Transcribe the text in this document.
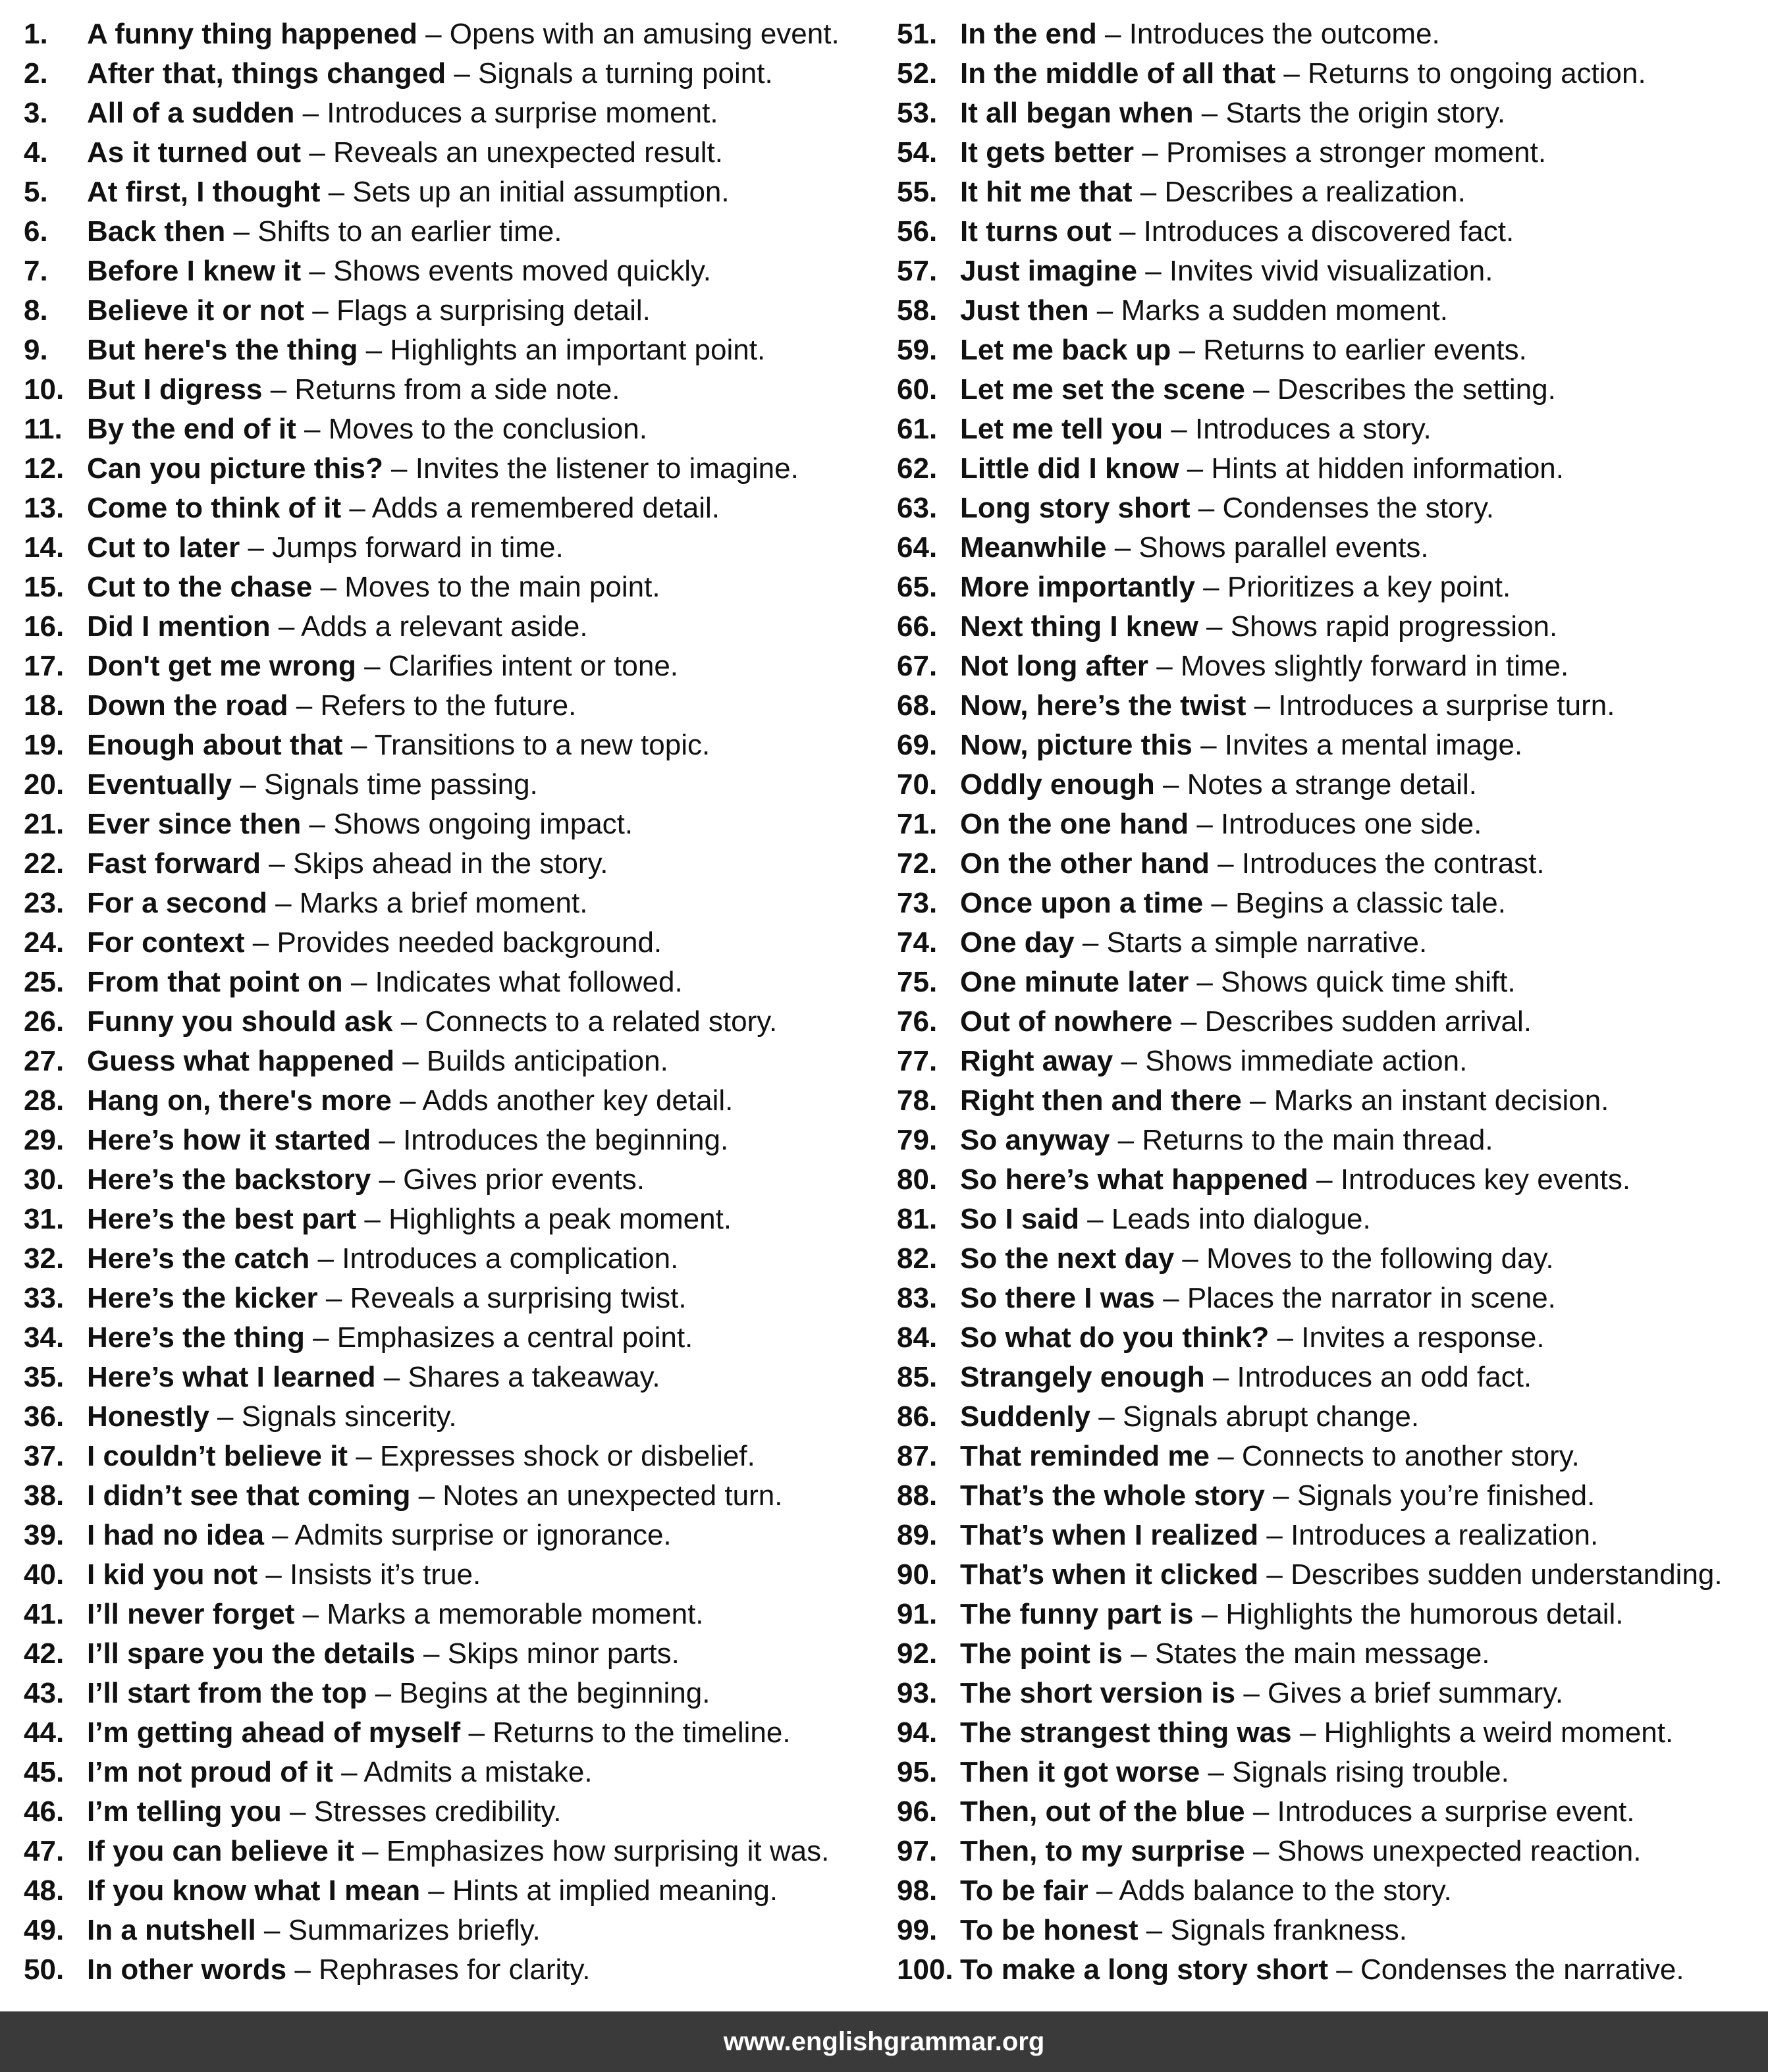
1.	A funny thing happened – Opens with an amusing event.
2.	After that, things changed – Signals a turning point.
3.	All of a sudden – Introduces a surprise moment.
4.	As it turned out – Reveals an unexpected result.
5.	At first, I thought – Sets up an initial assumption.
6.	Back then – Shifts to an earlier time.
7.	Before I knew it – Shows events moved quickly.
8.	Believe it or not – Flags a surprising detail.
9.	But here's the thing – Highlights an important point.
10. But I digress – Returns from a side note.
11. By the end of it – Moves to the conclusion.
12. Can you picture this? – Invites the listener to imagine.
13. Come to think of it – Adds a remembered detail.
14. Cut to later – Jumps forward in time.
15. Cut to the chase – Moves to the main point.
16. Did I mention – Adds a relevant aside.
17. Don't get me wrong – Clarifies intent or tone.
18. Down the road – Refers to the future.
19. Enough about that – Transitions to a new topic.
20. Eventually – Signals time passing.
21. Ever since then – Shows ongoing impact.
22. Fast forward – Skips ahead in the story.
23. For a second – Marks a brief moment.
24. For context – Provides needed background.
25. From that point on – Indicates what followed.
26. Funny you should ask – Connects to a related story.
27. Guess what happened – Builds anticipation.
28. Hang on, there's more – Adds another key detail.
29. Here’s how it started – Introduces the beginning.
30. Here’s the backstory – Gives prior events.
31. Here’s the best part – Highlights a peak moment.
32. Here’s the catch – Introduces a complication.
33. Here’s the kicker – Reveals a surprising twist.
34. Here’s the thing – Emphasizes a central point.
35. Here’s what I learned – Shares a takeaway.
36. Honestly – Signals sincerity.
37. I couldn’t believe it – Expresses shock or disbelief.
38. I didn’t see that coming – Notes an unexpected turn.
39. I had no idea – Admits surprise or ignorance.
40. I kid you not – Insists it’s true.
41. I’ll never forget – Marks a memorable moment.
42. I’ll spare you the details – Skips minor parts.
43. I’ll start from the top – Begins at the beginning.
44. I’m getting ahead of myself – Returns to the timeline.
45. I’m not proud of it – Admits a mistake.
46. I’m telling you – Stresses credibility.
47. If you can believe it – Emphasizes how surprising it was.
48. If you know what I mean – Hints at implied meaning.
49. In a nutshell – Summarizes briefly.
50. In other words – Rephrases for clarity.
51. In the end – Introduces the outcome.
52. In the middle of all that – Returns to ongoing action.
53. It all began when – Starts the origin story.
54. It gets better – Promises a stronger moment.
55. It hit me that – Describes a realization.
56. It turns out – Introduces a discovered fact.
57. Just imagine – Invites vivid visualization.
58. Just then – Marks a sudden moment.
59. Let me back up – Returns to earlier events.
60. Let me set the scene – Describes the setting.
61. Let me tell you – Introduces a story.
62. Little did I know – Hints at hidden information.
63. Long story short – Condenses the story.
64. Meanwhile – Shows parallel events.
65. More importantly – Prioritizes a key point.
66. Next thing I knew – Shows rapid progression.
67. Not long after – Moves slightly forward in time.
68. Now, here’s the twist – Introduces a surprise turn.
69. Now, picture this – Invites a mental image.
70. Oddly enough – Notes a strange detail.
71. On the one hand – Introduces one side.
72. On the other hand – Introduces the contrast.
73. Once upon a time – Begins a classic tale.
74. One day – Starts a simple narrative.
75. One minute later – Shows quick time shift.
76. Out of nowhere – Describes sudden arrival.
77. Right away – Shows immediate action.
78. Right then and there – Marks an instant decision.
79. So anyway – Returns to the main thread.
80. So here’s what happened – Introduces key events.
81. So I said – Leads into dialogue.
82. So the next day – Moves to the following day.
83. So there I was – Places the narrator in scene.
84. So what do you think? – Invites a response.
85. Strangely enough – Introduces an odd fact.
86. Suddenly – Signals abrupt change.
87. That reminded me – Connects to another story.
88. That’s the whole story – Signals you’re finished.
89. That’s when I realized – Introduces a realization.
90. That’s when it clicked – Describes sudden understanding.
91. The funny part is – Highlights the humorous detail.
92. The point is – States the main message.
93. The short version is – Gives a brief summary.
94. The strangest thing was – Highlights a weird moment.
95. Then it got worse – Signals rising trouble.
96. Then, out of the blue – Introduces a surprise event.
97. Then, to my surprise – Shows unexpected reaction.
98. To be fair – Adds balance to the story.
99. To be honest – Signals frankness.
100. To make a long story short – Condenses the narrative.
www.englishgrammar.org
